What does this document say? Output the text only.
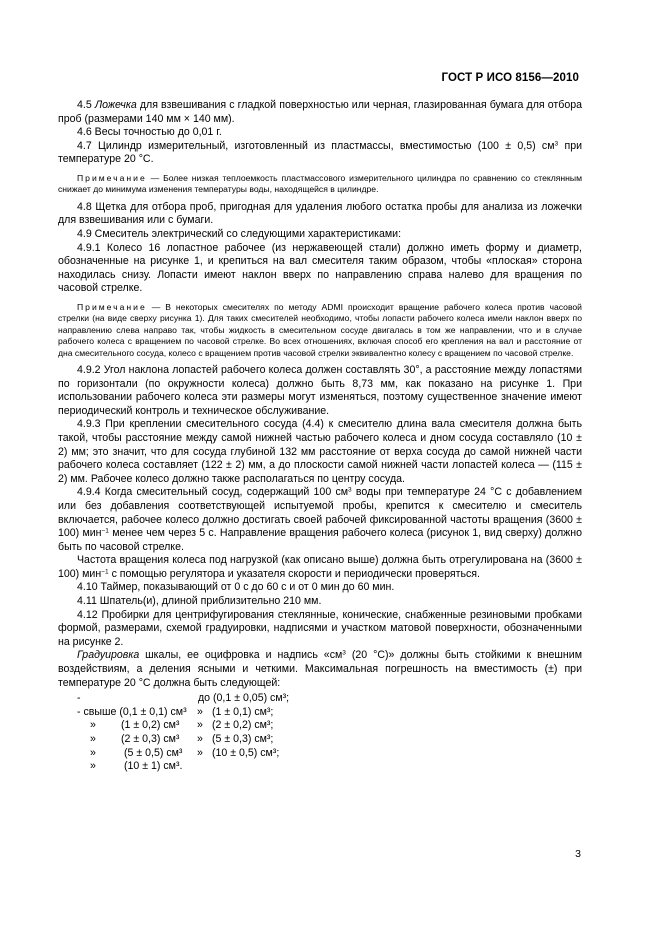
ГОСТ Р ИСО 8156—2010

4.5 Ложечка для взвешивания с гладкой поверхностью или черная, глазированная бумага для отбора проб (размерами 140 мм × 140 мм).

4.6 Весы точностью до 0,01 г.

4.7 Цилиндр измерительный, изготовленный из пластмассы, вместимостью (100 ± 0,5) $см^3$ при температуре 20 °С.

Примечание — Более низкая теплоемкость пластмассового измерительного цилиндра по сравнению со стеклянным снижает до минимума изменения температуры воды, находящейся в цилиндре.

4.8 Щетка для отбора проб, пригодная для удаления любого остатка пробы для анализа из ложечки для взвешивания или с бумаги.

4.9 Смеситель электрический со следующими характеристиками:

4.9.1 Колесо 16 лопастное рабочее (из нержавеющей стали) должно иметь форму и диаметр, обозначенные на рисунке 1, и крепиться на вал смесителя таким образом, чтобы «плоская» сторона находилась снизу. Лопасти имеют наклон вверх по направлению справа налево для вращения по часовой стрелке.

Примечание — В некоторых смесителях по методу ADMI происходит вращение рабочего колеса против часовой стрелки (на виде сверху рисунка 1). Для таких смесителей необходимо, чтобы лопасти рабочего колеса имели наклон вверх по направлению слева направо так, чтобы жидкость в смесительном сосуде двигалась в том же направлении, что и в случае рабочего колеса с вращением по часовой стрелке. Во всех отношениях, включая способ его крепления на вал и расстояние от дна смесительного сосуда, колесо с вращением против часовой стрелки эквивалентно колесу с вращением по часовой стрелке.

4.9.2 Угол наклона лопастей рабочего колеса должен составлять 30°, а расстояние между лопастями по горизонтали (по окружности колеса) должно быть 8,73 мм, как показано на рисунке 1. При использовании рабочего колеса эти размеры могут изменяться, поэтому существенное значение имеют периодический контроль и техническое обслуживание.

4.9.3 При креплении смесительного сосуда (4.4) к смесителю длина вала смесителя должна быть такой, чтобы расстояние между самой нижней частью рабочего колеса и дном сосуда составляло (10 ± 2) мм; это значит, что для сосуда глубиной 132 мм расстояние от верха сосуда до самой нижней части рабочего колеса составляет (122 ± 2) мм, а до плоскости самой нижней части лопастей колеса — (115 ± 2) мм. Рабочее колесо должно также располагаться по центру сосуда.

4.9.4 Когда смесительный сосуд, содержащий 100 $см^3$ воды при температуре 24 °С с добавлением или без добавления соответствующей испытуемой пробы, крепится к смесителю и смеситель включается, рабочее колесо должно достигать своей рабочей фиксированной частоты вращения (3600 ± 100) мин$^{-1}$ менее чем через 5 с. Направление вращения рабочего колеса (рисунок 1, вид сверху) должно быть по часовой стрелке.

Частота вращения колеса под нагрузкой (как описано выше) должна быть отрегулирована на (3600 ± 100) мин$^{-1}$ с помощью регулятора и указателя скорости и периодически проверяться.

4.10 Таймер, показывающий от 0 с до 60 с и от 0 мин до 60 мин.

4.11 Шпатель(и), длиной приблизительно 210 мм.

4.12 Пробирки для центрифугирования стеклянные, конические, снабженные резиновыми пробками формой, размерами, схемой градуировки, надписями и участком матовой поверхности, обозначенными на рисунке 2.

Градуировка шкалы, ее оцифровка и надпись «$см^3$ (20 °С)» должны быть стойкими к внешним воздействиям, а деления ясными и четкими. Максимальная погрешность на вместимость (±) при температуре 20 °С должна быть следующей:

-	до (0,1 ± 0,05) см³;
- свыше (0,1 ± 0,1) см³ » (1 ± 0,1) см³;
» (1 ± 0,2) см³ » (2 ± 0,2) см³;
» (2 ± 0,3) см³ » (5 ± 0,3) см³;
»	(5 ± 0,5) см³ » (10 ± 0,5) см³;
»	(10 ± 1) см³.
3
